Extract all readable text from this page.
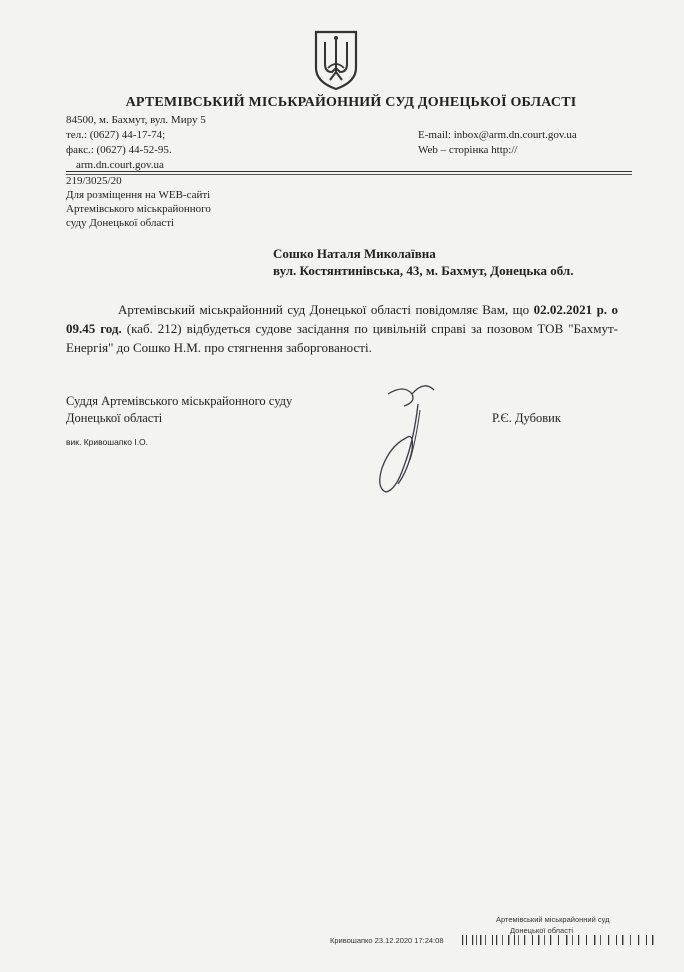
АРТЕМІВСЬКИЙ МІСЬКРАЙОННИЙ СУД ДОНЕЦЬКОЇ ОБЛАСТІ
84500, м. Бахмут, вул. Миру 5
тел.: (0627) 44-17-74;
факс.: (0627) 44-52-95.
arm.dn.court.gov.ua
E-mail: inbox@arm.dn.court.gov.ua
Web – сторінка http://
219/3025/20
Для розміщення на WEB-сайті
Артемівського міськрайонного
суду Донецької області
Сошко Наталя Миколаївна
вул. Костянтинівська, 43, м. Бахмут, Донецька обл.
Артемівський міськрайонний суд Донецької області повідомляє Вам, що 02.02.2021 р. о 09.45 год. (каб. 212) відбудеться судове засідання по цивільній справі за позовом ТОВ "Бахмут-Енергія" до Сошко Н.М. про стягнення заборгованості.
Суддя Артемівського міськрайонного суду
Донецької області	Р.Є. Дубовик
вик. Кривошапко І.О.
Артемівський міськрайонний суд
Донецької області
Кривошапко 23.12.2020 17:24:08
